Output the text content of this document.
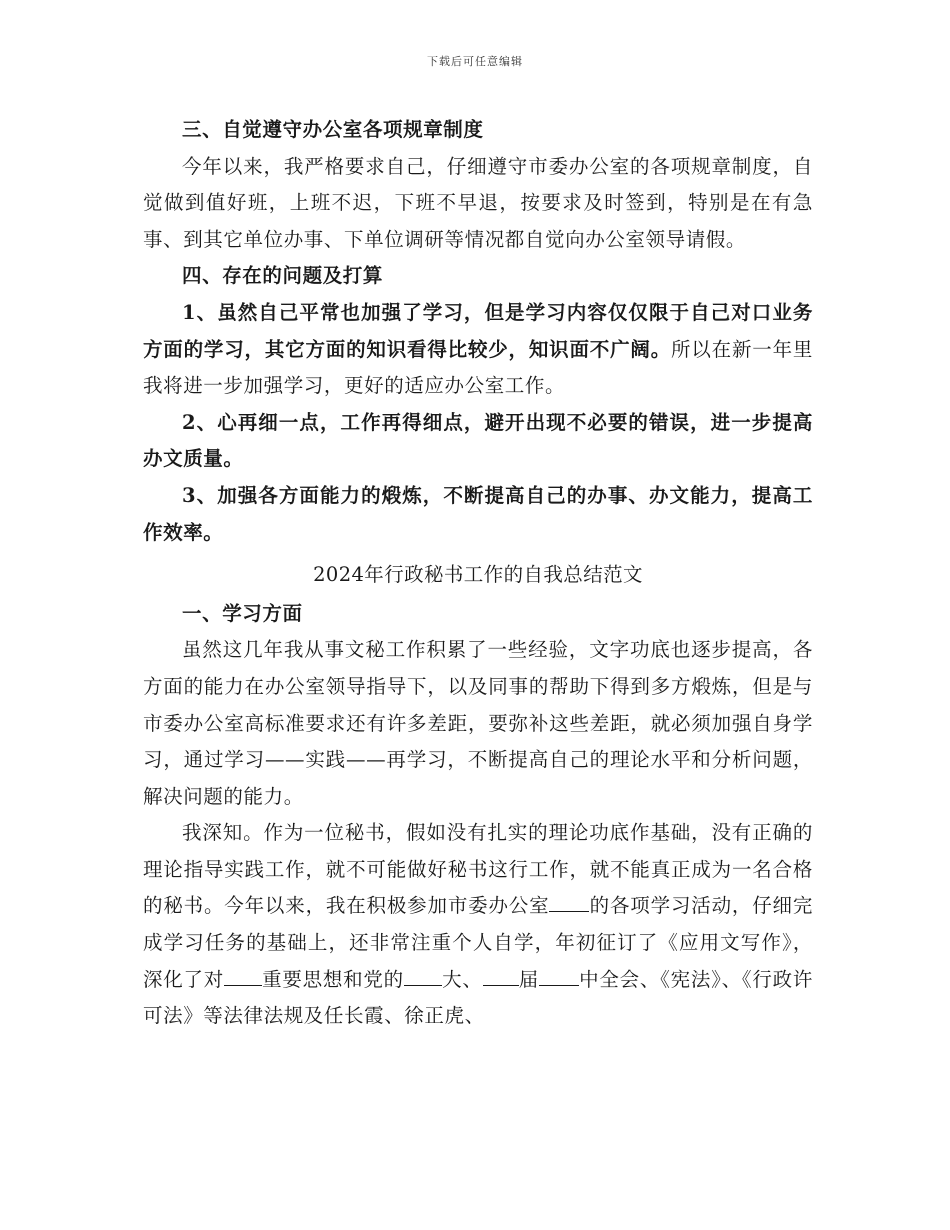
下载后可任意编辑

三、自觉遵守办公室各项规章制度

今年以来，我严格要求自己，仔细遵守市委办公室的各项规章制度，自觉做到值好班，上班不迟，下班不早退，按要求及时签到，特别是在有急事、到其它单位办事、下单位调研等情况都自觉向办公室领导请假。

四、存在的问题及打算

1、虽然自己平常也加强了学习，但是学习内容仅仅限于自己对口业务方面的学习，其它方面的知识看得比较少，知识面不广阔。所以在新一年里我将进一步加强学习，更好的适应办公室工作。

2、心再细一点，工作再得细点，避开出现不必要的错误，进一步提高办文质量。

3、加强各方面能力的煅炼，不断提高自己的办事、办文能力，提高工作效率。

2024年行政秘书工作的自我总结范文

一、学习方面

虽然这几年我从事文秘工作积累了一些经验，文字功底也逐步提高，各方面的能力在办公室领导指导下，以及同事的帮助下得到多方煅炼，但是与市委办公室高标准要求还有许多差距，要弥补这些差距，就必须加强自身学习，通过学习——实践——再学习，不断提高自己的理论水平和分析问题，解决问题的能力。

我深知。作为一位秘书，假如没有扎实的理论功底作基础，没有正确的理论指导实践工作，就不可能做好秘书这行工作，就不能真正成为一名合格的秘书。今年以来，我在积极参加市委办公室 的各项学习活动，仔细完成学习任务的基础上，还非常注重个人自学，年初征订了《应用文写作》，深化了对 重要思想和党的 大、 届 中全会、《宪法》、《行政许可法》等法律法规及任长霞、徐正虎、
